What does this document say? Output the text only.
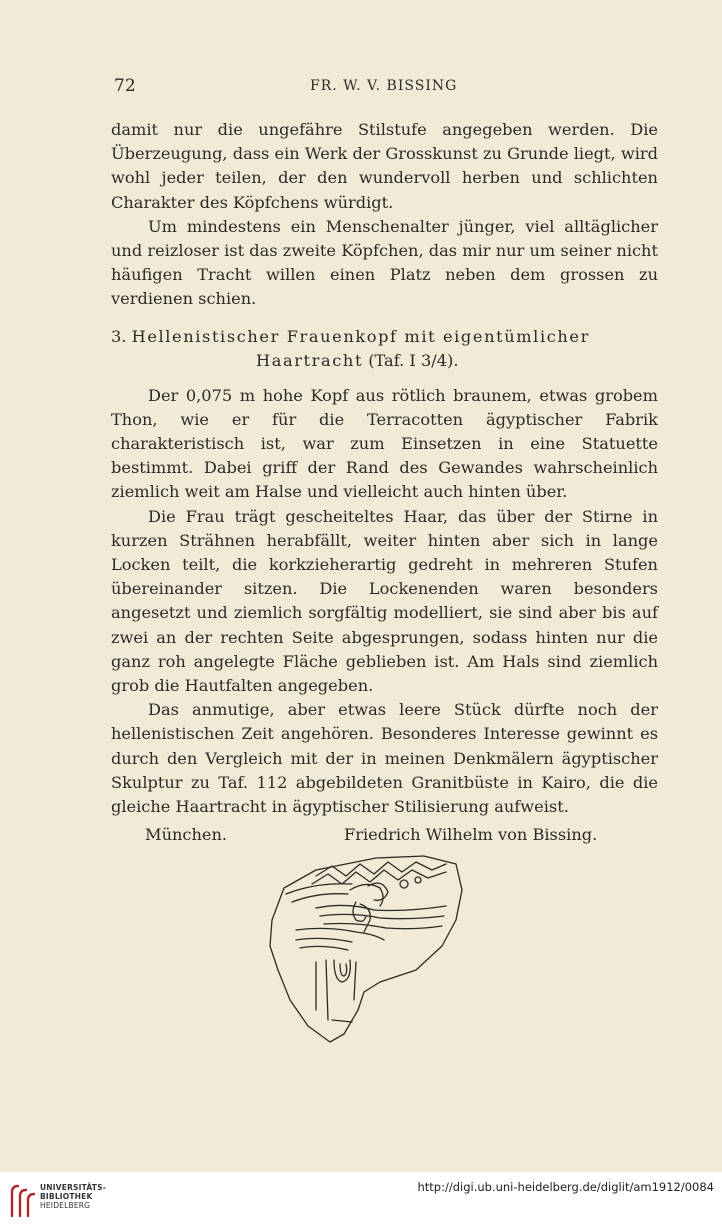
72	FR. W. V. BISSING

damit nur die ungefähre Stilstufe angegeben werden. Die Überzeugung, dass ein Werk der Grosskunst zu Grunde liegt, wird wohl jeder teilen, der den wundervoll herben und schlichten Charakter des Köpfchens würdigt.

Um mindestens ein Menschenalter jünger, viel alltäglicher und reizloser ist das zweite Köpfchen, das mir nur um seiner nicht häufigen Tracht willen einen Platz neben dem grossen zu verdienen schien.

3. Hellenistischer Frauenkopf mit eigentümlicher
Haartracht (Taf. I 3/4).

Der 0,075 m hohe Kopf aus rötlich braunem, etwas grobem Thon, wie er für die Terracotten ägyptischer Fabrik charakteristisch ist, war zum Einsetzen in eine Statuette bestimmt. Dabei griff der Rand des Gewandes wahrscheinlich ziemlich weit am Halse und vielleicht auch hinten über.

Die Frau trägt gescheiteltes Haar, das über der Stirne in kurzen Strähnen herabfällt, weiter hinten aber sich in lange Locken teilt, die korkzieherartig gedreht in mehreren Stufen übereinander sitzen. Die Lockenenden waren besonders angesetzt und ziemlich sorgfältig modelliert, sie sind aber bis auf zwei an der rechten Seite abgesprungen, sodass hinten nur die ganz roh angelegte Fläche geblieben ist. Am Hals sind ziemlich grob die Hautfalten angegeben.

Das anmutige, aber etwas leere Stück dürfte noch der hellenistischen Zeit angehören. Besonderes Interesse gewinnt es durch den Vergleich mit der in meinen Denkmälern ägyptischer Skulptur zu Taf. 112 abgebildeten Granitbüste in Kairo, die die gleiche Haartracht in ägyptischer Stilisierung aufweist.

München.	Friedrich Wilhelm von Bissing.
UNIVERSITÄTS-
BIBLIOTHEK
HEIDELBERG
http://digi.ub.uni-heidelberg.de/diglit/am1912/0084
